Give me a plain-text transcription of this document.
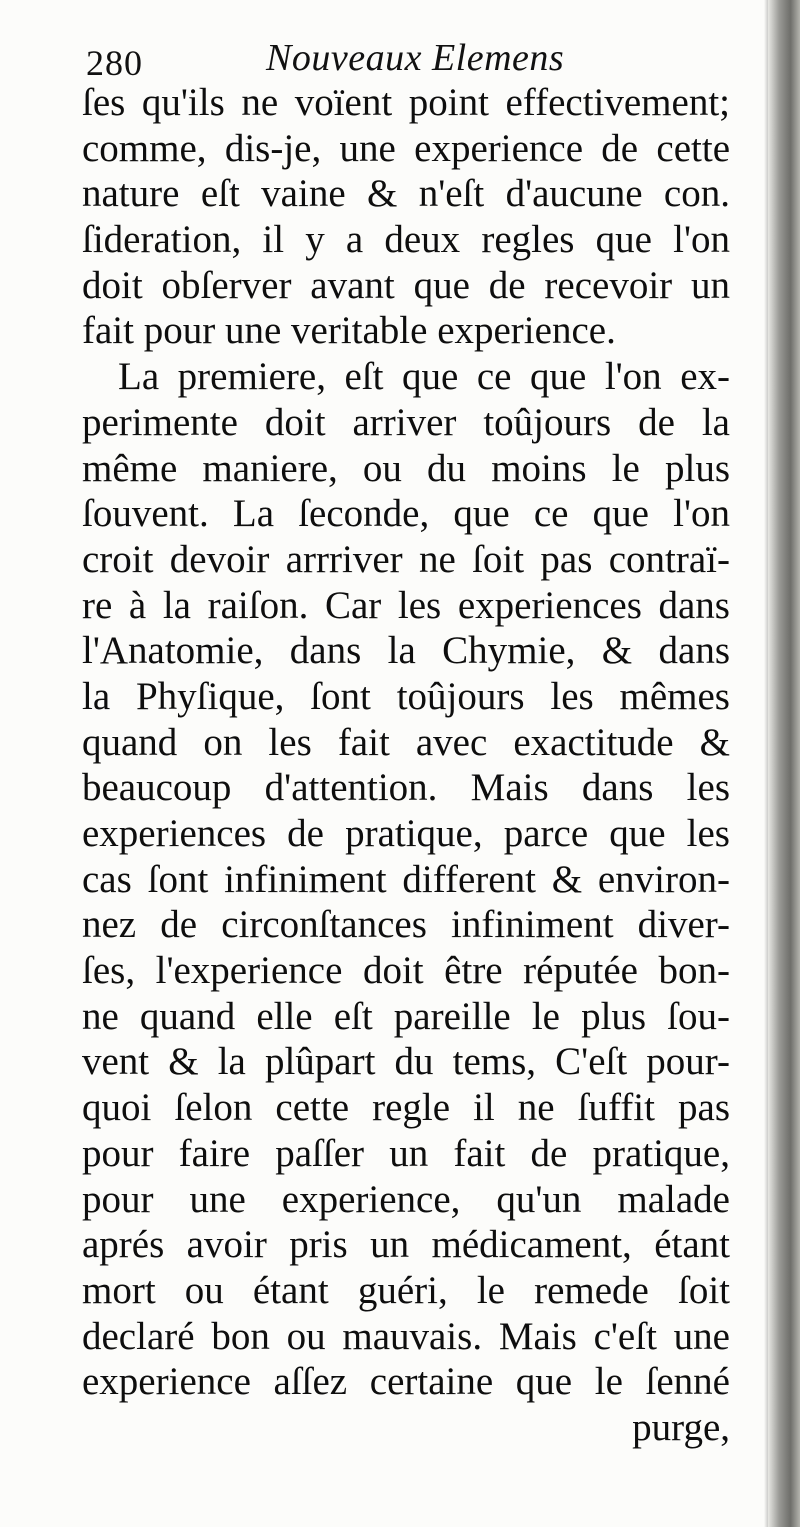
280	Nouveaux Elemens
ſes qu'ils ne voïent point effectivement;
comme, dis-je, une experience de cette
nature eſt vaine & n'eſt d'aucune con.
ſideration, il y a deux regles que l'on
doit obſerver avant que de recevoir un
fait pour une veritable experience.
La premiere, eſt que ce que l'on ex-
perimente doit arriver toûjours de la
même maniere, ou du moins le plus
ſouvent. La ſeconde, que ce que l'on
croit devoir arrriver ne ſoit pas contraï-
re à la raiſon. Car les experiences dans
l'Anatomie, dans la Chymie, & dans
la Phyſique, ſont toûjours les mêmes
quand on les fait avec exactitude &
beaucoup d'attention. Mais dans les
experiences de pratique, parce que les
cas ſont infiniment different & environ-
nez de circonſtances infiniment diver-
ſes, l'experience doit être réputée bon-
ne quand elle eſt pareille le plus ſou-
vent & la plûpart du tems, C'eſt pour-
quoi ſelon cette regle il ne ſuffit pas
pour faire paſſer un fait de pratique,
pour une experience, qu'un malade
aprés avoir pris un médicament, étant
mort ou étant guéri, le remede ſoit
declaré bon ou mauvais. Mais c'eſt une
experience aſſez certaine que le ſenné
purge,
